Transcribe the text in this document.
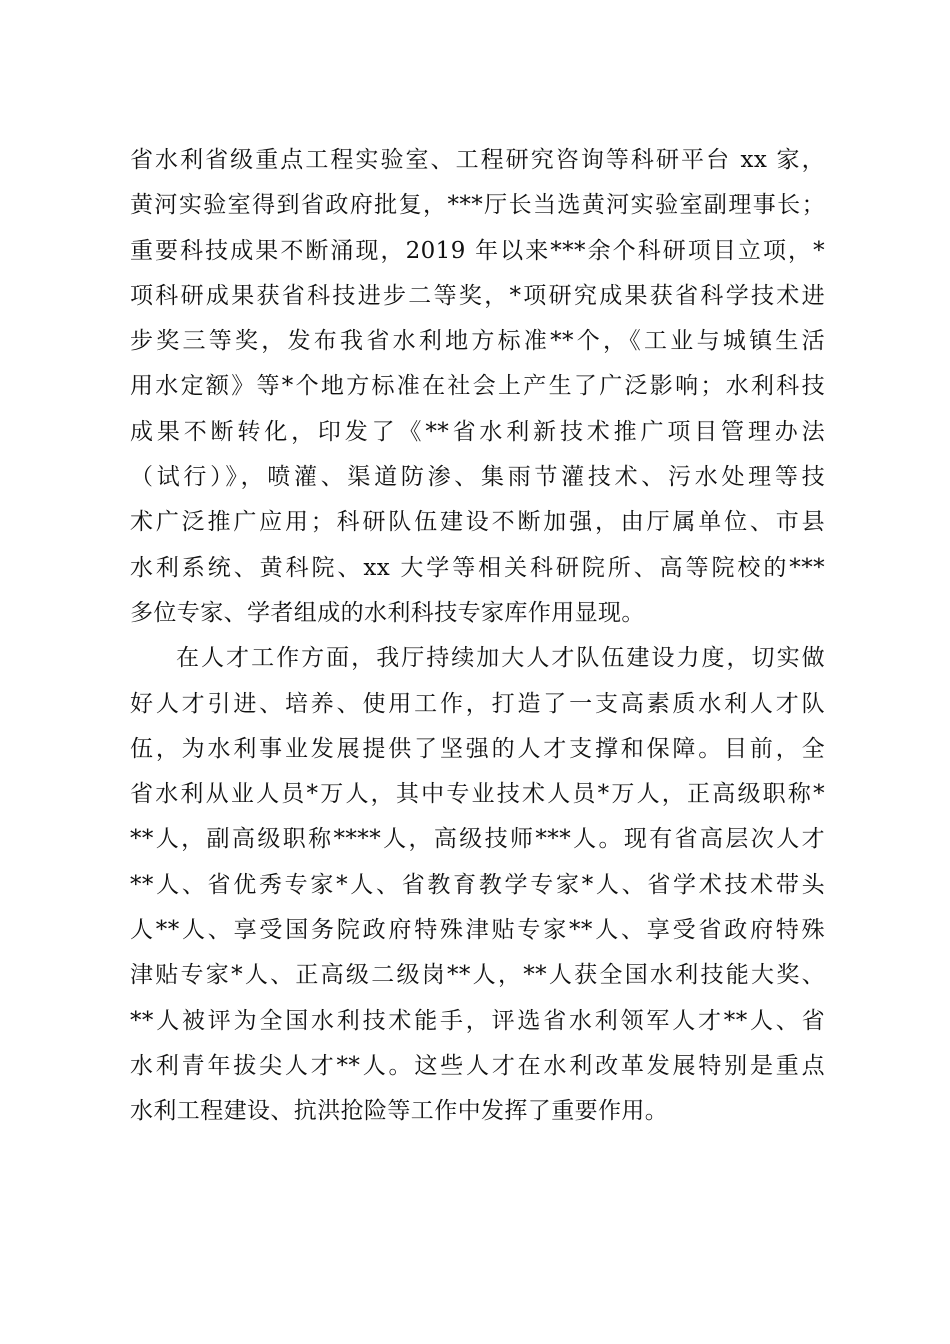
省水利省级重点工程实验室、工程研究咨询等科研平台 xx 家，
黄河实验室得到省政府批复，***厅长当选黄河实验室副理事长；
重要科技成果不断涌现，2019 年以来***余个科研项目立项，*
项科研成果获省科技进步二等奖，*项研究成果获省科学技术进
步奖三等奖，发布我省水利地方标准**个，《工业与城镇生活
用水定额》等*个地方标准在社会上产生了广泛影响；水利科技
成果不断转化，印发了《**省水利新技术推广项目管理办法
（试行）》，喷灌、渠道防渗、集雨节灌技术、污水处理等技
术广泛推广应用；科研队伍建设不断加强，由厅属单位、市县
水利系统、黄科院、xx 大学等相关科研院所、高等院校的***
多位专家、学者组成的水利科技专家库作用显现。

在人才工作方面，我厅持续加大人才队伍建设力度，切实做
好人才引进、培养、使用工作，打造了一支高素质水利人才队
伍，为水利事业发展提供了坚强的人才支撑和保障。目前，全
省水利从业人员*万人，其中专业技术人员*万人，正高级职称*
**人，副高级职称****人，高级技师***人。现有省高层次人才
**人、省优秀专家*人、省教育教学专家*人、省学术技术带头
人**人、享受国务院政府特殊津贴专家**人、享受省政府特殊
津贴专家*人、正高级二级岗**人，**人获全国水利技能大奖、
**人被评为全国水利技术能手，评选省水利领军人才**人、省
水利青年拔尖人才**人。这些人才在水利改革发展特别是重点
水利工程建设、抗洪抢险等工作中发挥了重要作用。
